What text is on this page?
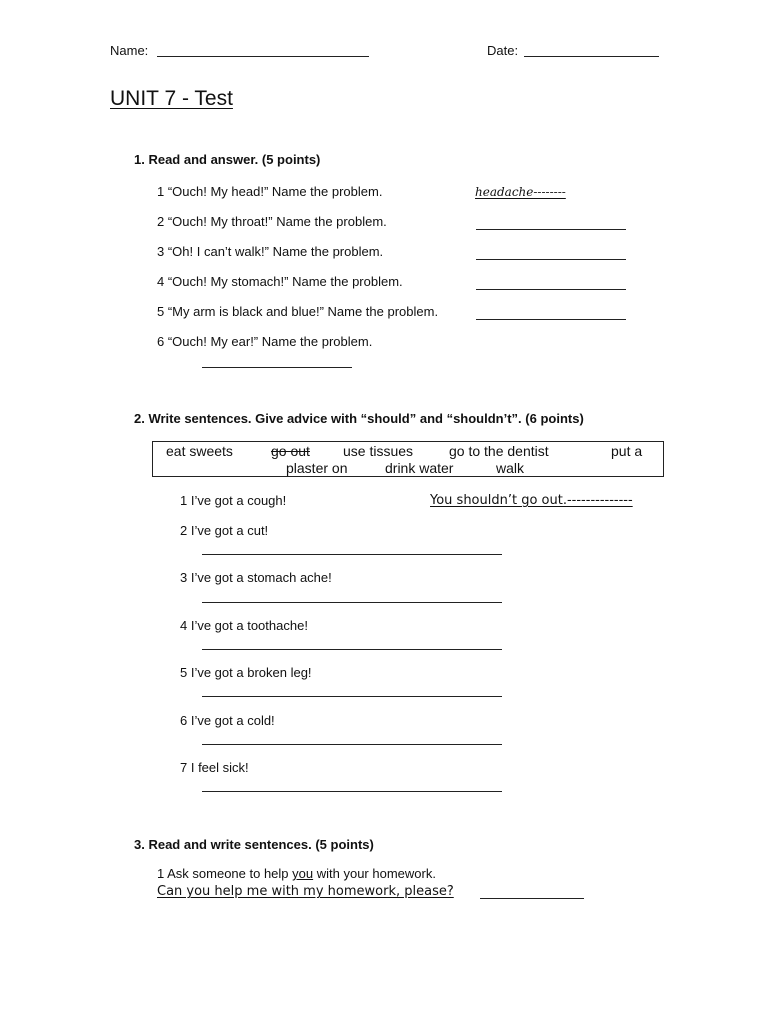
Name:	Date:
UNIT 7 - Test
1. Read and answer. (5 points)
1 “Ouch! My head!” Name the problem.	headache--------
2 “Ouch! My throat!” Name the problem.
3 “Oh! I can’t walk!” Name the problem.
4 “Ouch! My stomach!” Name the problem.
5 “My arm is black and blue!” Name the problem.
6 “Ouch! My ear!” Name the problem.
2. Write sentences. Give advice with “should” and “shouldn’t”. (6 points)
eat sweets	go out use tissues	go to the dentist	put a
plaster on	drink water	walk
1 I’ve got a cough!	You shouldn’t go out.--------------
2 I’ve got a cut!
3 I’ve got a stomach ache!
4 I’ve got a toothache!
5 I’ve got a broken leg!
6 I’ve got a cold!
7 I feel sick!
3. Read and write sentences. (5 points)
1 Ask someone to help you with your homework.
Can you help me with my homework, please?
